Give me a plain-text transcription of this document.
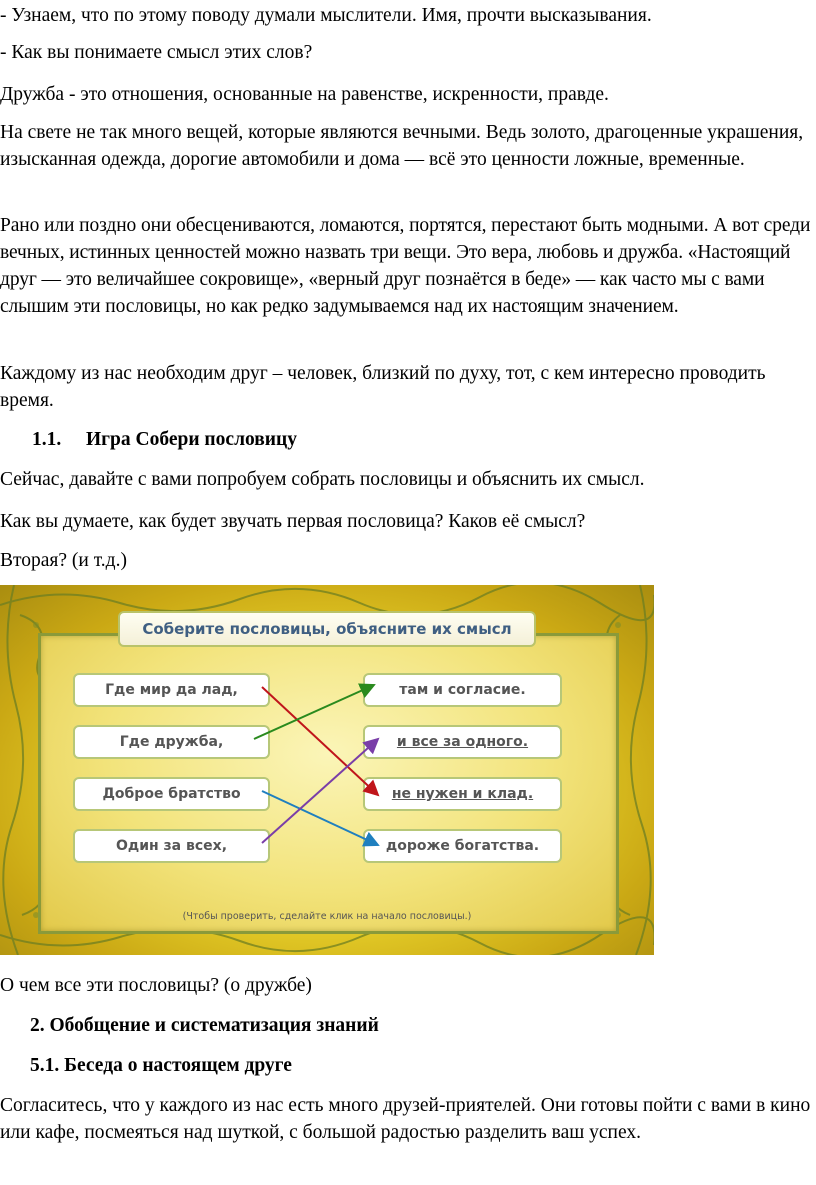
- Узнаем, что по этому поводу думали мыслители. Имя, прочти высказывания.

- Как вы понимаете смысл этих слов?

Дружба - это отношения, основанные на равенстве, искренности, правде.

На свете не так много вещей, которые являются вечными. Ведь золото, драгоценные украшения, изысканная одежда, дорогие автомобили и дома — всё это ценности ложные, временные.

Рано или поздно они обесцениваются, ломаются, портятся, перестают быть модными. А вот среди вечных, истинных ценностей можно назвать три вещи. Это вера, любовь и дружба. «Настоящий друг — это величайшее сокровище», «верный друг познаётся в беде» — как часто мы с вами слышим эти пословицы, но как редко задумываемся над их настоящим значением.

Каждому из нас необходим друг – человек, близкий по духу, тот, с кем интересно проводить время.

1.1. Игра Собери пословицу

Сейчас, давайте с вами попробуем собрать пословицы и объяснить их смысл.

Как вы думаете, как будет звучать первая пословица? Каков её смысл?

Вторая? (и т.д.)

Соберите пословицы, объясните их смысл
Где мир да лад,
Где дружба,
Доброе братство
Один за всех,
там и согласие.
и все за одного.
не нужен и клад.
дороже богатства.
(Чтобы проверить, сделайте клик на начало пословицы.)

О чем все эти пословицы? (о дружбе)

2. Обобщение и систематизация знаний

5.1. Беседа о настоящем друге

Согласитесь, что у каждого из нас есть много друзей-приятелей. Они готовы пойти с вами в кино или кафе, посмеяться над шуткой, с большой радостью разделить ваш успех.
